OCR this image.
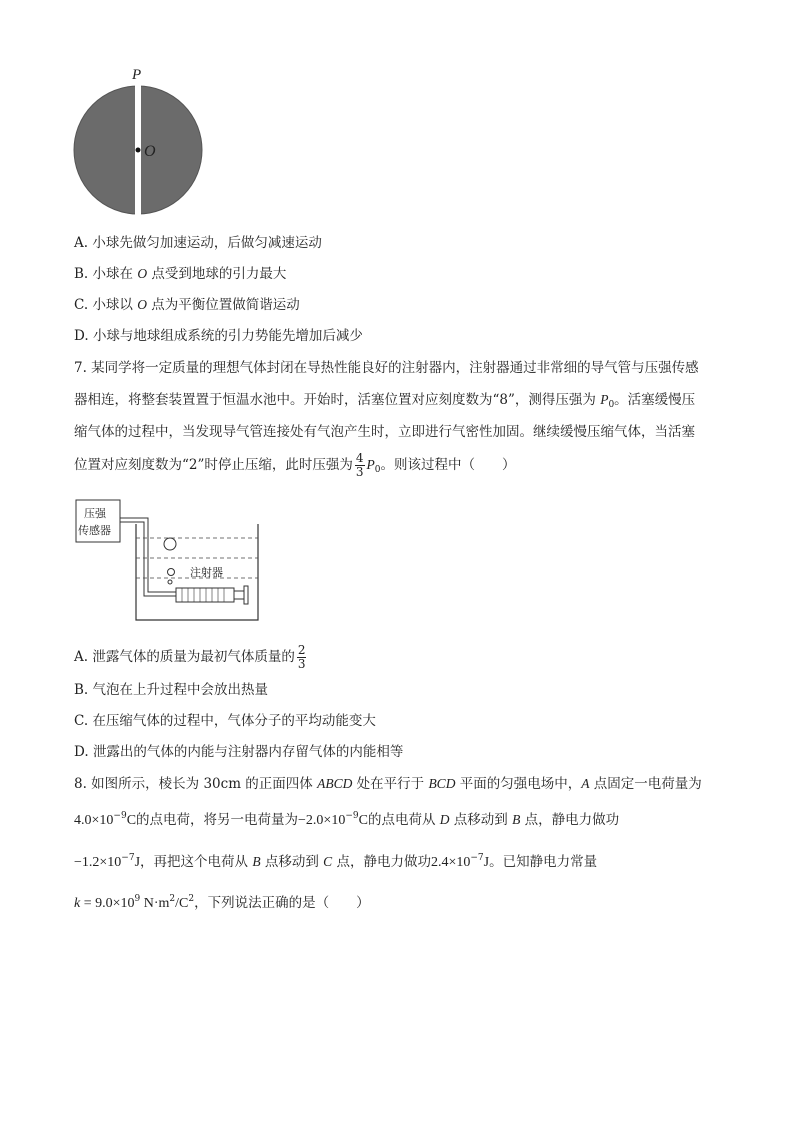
P
O
A. 小球先做匀加速运动，后做匀减速运动
B. 小球在 O 点受到地球的引力最大
C. 小球以 O 点为平衡位置做简谐运动
D. 小球与地球组成系统的引力势能先增加后减少
7. 某同学将一定质量的理想气体封闭在导热性能良好的注射器内，注射器通过非常细的导气管与压强传感
器相连，将整套装置置于恒温水池中。开始时，活塞位置对应刻度数为“8”，测得压强为 $P_0$。活塞缓慢压
缩气体的过程中，当发现导气管连接处有气泡产生时，立即进行气密性加固。继续缓慢压缩气体，当活塞
位置对应刻度数为“2”时停止压缩，此时压强为 $\frac{4}{3} P_0$。则该过程中（　　）
压强
传感器
注射器
A. 泄露气体的质量为最初气体质量的 $\frac{2}{3}$
B. 气泡在上升过程中会放出热量
C. 在压缩气体的过程中，气体分子的平均动能变大
D. 泄露出的气体的内能与注射器内存留气体的内能相等
8. 如图所示，棱长为 30cm 的正面四体 ABCD 处在平行于 BCD 平面的匀强电场中，A 点固定一电荷量为
$4.0\times 10^{-9}C$的点电荷，将另一电荷量为$-2.0\times 10^{-9}C$的点电荷从 D 点移动到 B 点，静电力做功
$-1.2\times 10^{-7}J$，再把这个电荷从 B 点移动到 C 点，静电力做功$2.4\times 10^{-7}J$。已知静电力常量
$k = 9.0\times 10^9$ $N\cdot m^2/C^2$，下列说法正确的是（　　）
